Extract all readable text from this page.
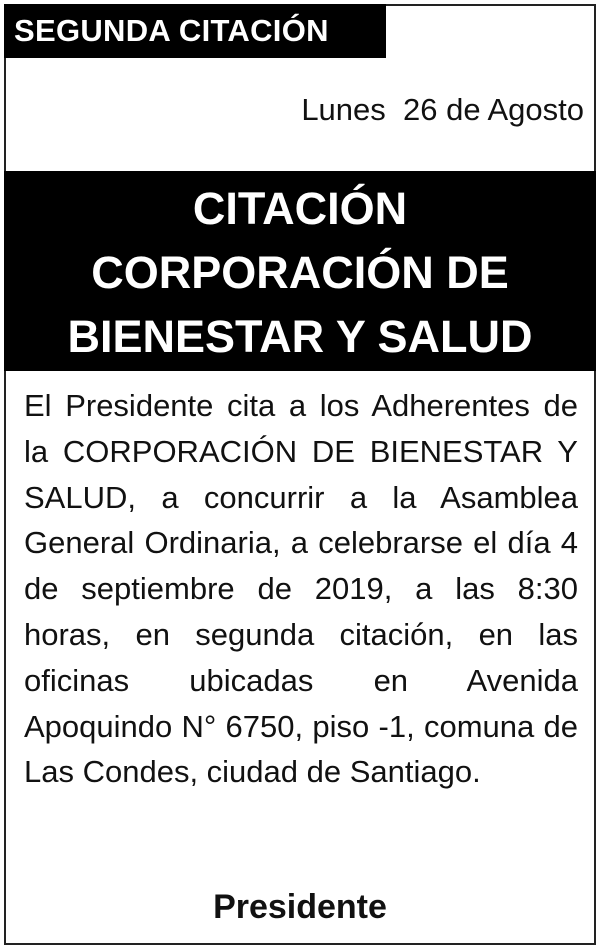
SEGUNDA CITACIÓN
Lunes  26 de Agosto
CITACIÓN
CORPORACIÓN DE
BIENESTAR Y SALUD
El Presidente cita a los Adherentes de la CORPORACIÓN DE BIENESTAR Y SALUD, a concurrir a la Asamblea General Ordinaria, a celebrarse el día 4 de septiembre de 2019, a las 8:30 horas, en segunda citación, en las oficinas ubicadas en Avenida Apoquindo N° 6750, piso -1, comuna de Las Condes, ciudad de Santiago.
Presidente
